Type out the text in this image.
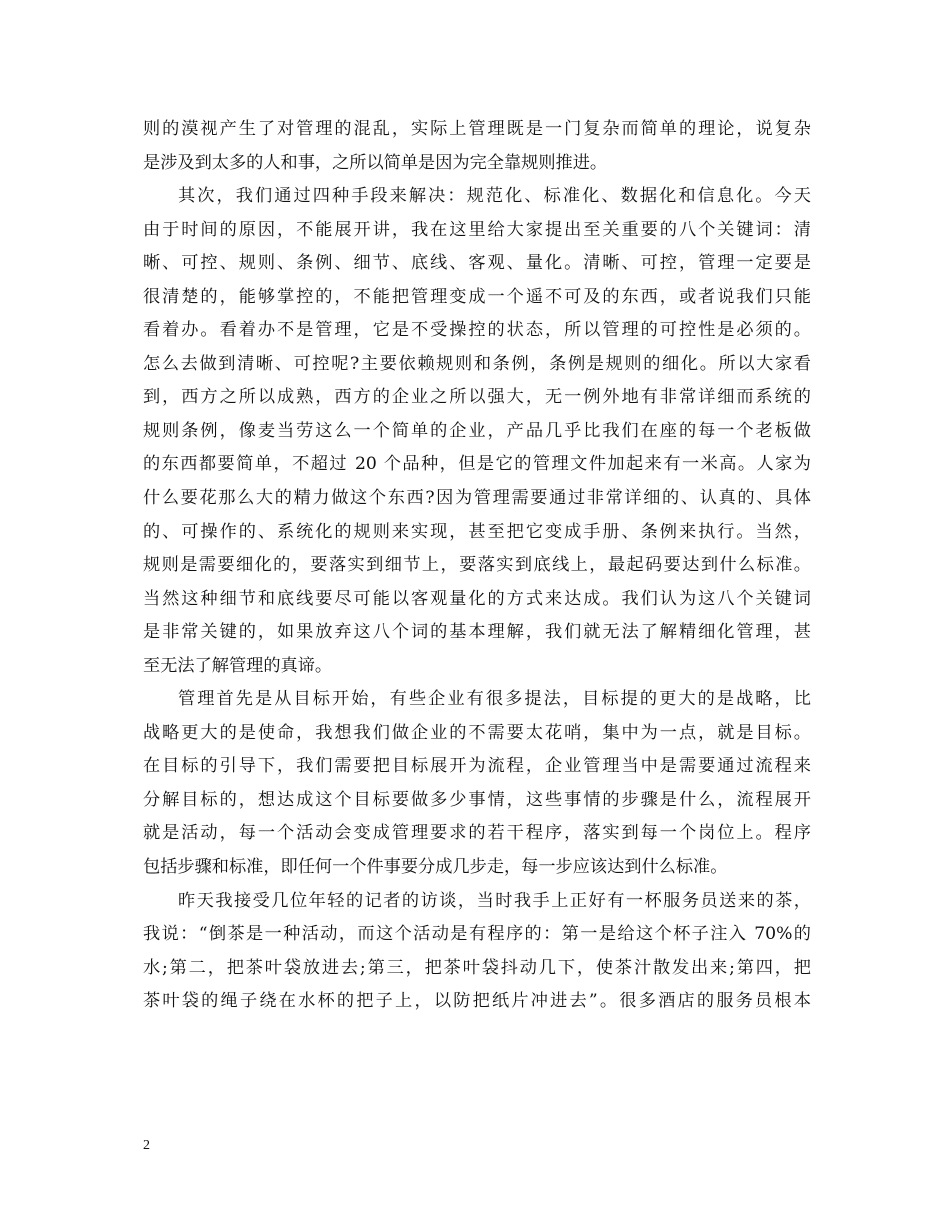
则的漠视产生了对管理的混乱，实际上管理既是一门复杂而简单的理论，说复杂
是涉及到太多的人和事，之所以简单是因为完全靠规则推进。
其次，我们通过四种手段来解决：规范化、标准化、数据化和信息化。今天
由于时间的原因，不能展开讲，我在这里给大家提出至关重要的八个关键词：清
晰、可控、规则、条例、细节、底线、客观、量化。清晰、可控，管理一定要是
很清楚的，能够掌控的，不能把管理变成一个遥不可及的东西，或者说我们只能
看着办。看着办不是管理，它是不受操控的状态，所以管理的可控性是必须的。
怎么去做到清晰、可控呢?主要依赖规则和条例，条例是规则的细化。所以大家看
到，西方之所以成熟，西方的企业之所以强大，无一例外地有非常详细而系统的
规则条例，像麦当劳这么一个简单的企业，产品几乎比我们在座的每一个老板做
的东西都要简单，不超过 20 个品种，但是它的管理文件加起来有一米高。人家为
什么要花那么大的精力做这个东西?因为管理需要通过非常详细的、认真的、具体
的、可操作的、系统化的规则来实现，甚至把它变成手册、条例来执行。当然，
规则是需要细化的，要落实到细节上，要落实到底线上，最起码要达到什么标准。
当然这种细节和底线要尽可能以客观量化的方式来达成。我们认为这八个关键词
是非常关键的，如果放弃这八个词的基本理解，我们就无法了解精细化管理，甚
至无法了解管理的真谛。
管理首先是从目标开始，有些企业有很多提法，目标提的更大的是战略，比
战略更大的是使命，我想我们做企业的不需要太花哨，集中为一点，就是目标。
在目标的引导下，我们需要把目标展开为流程，企业管理当中是需要通过流程来
分解目标的，想达成这个目标要做多少事情，这些事情的步骤是什么，流程展开
就是活动，每一个活动会变成管理要求的若干程序，落实到每一个岗位上。程序
包括步骤和标准，即任何一个件事要分成几步走，每一步应该达到什么标准。
昨天我接受几位年轻的记者的访谈，当时我手上正好有一杯服务员送来的茶，
我说：“倒茶是一种活动，而这个活动是有程序的：第一是给这个杯子注入 70%的
水;第二，把茶叶袋放进去;第三，把茶叶袋抖动几下，使茶汁散发出来;第四，把
茶叶袋的绳子绕在水杯的把子上，以防把纸片冲进去”。很多酒店的服务员根本
2
